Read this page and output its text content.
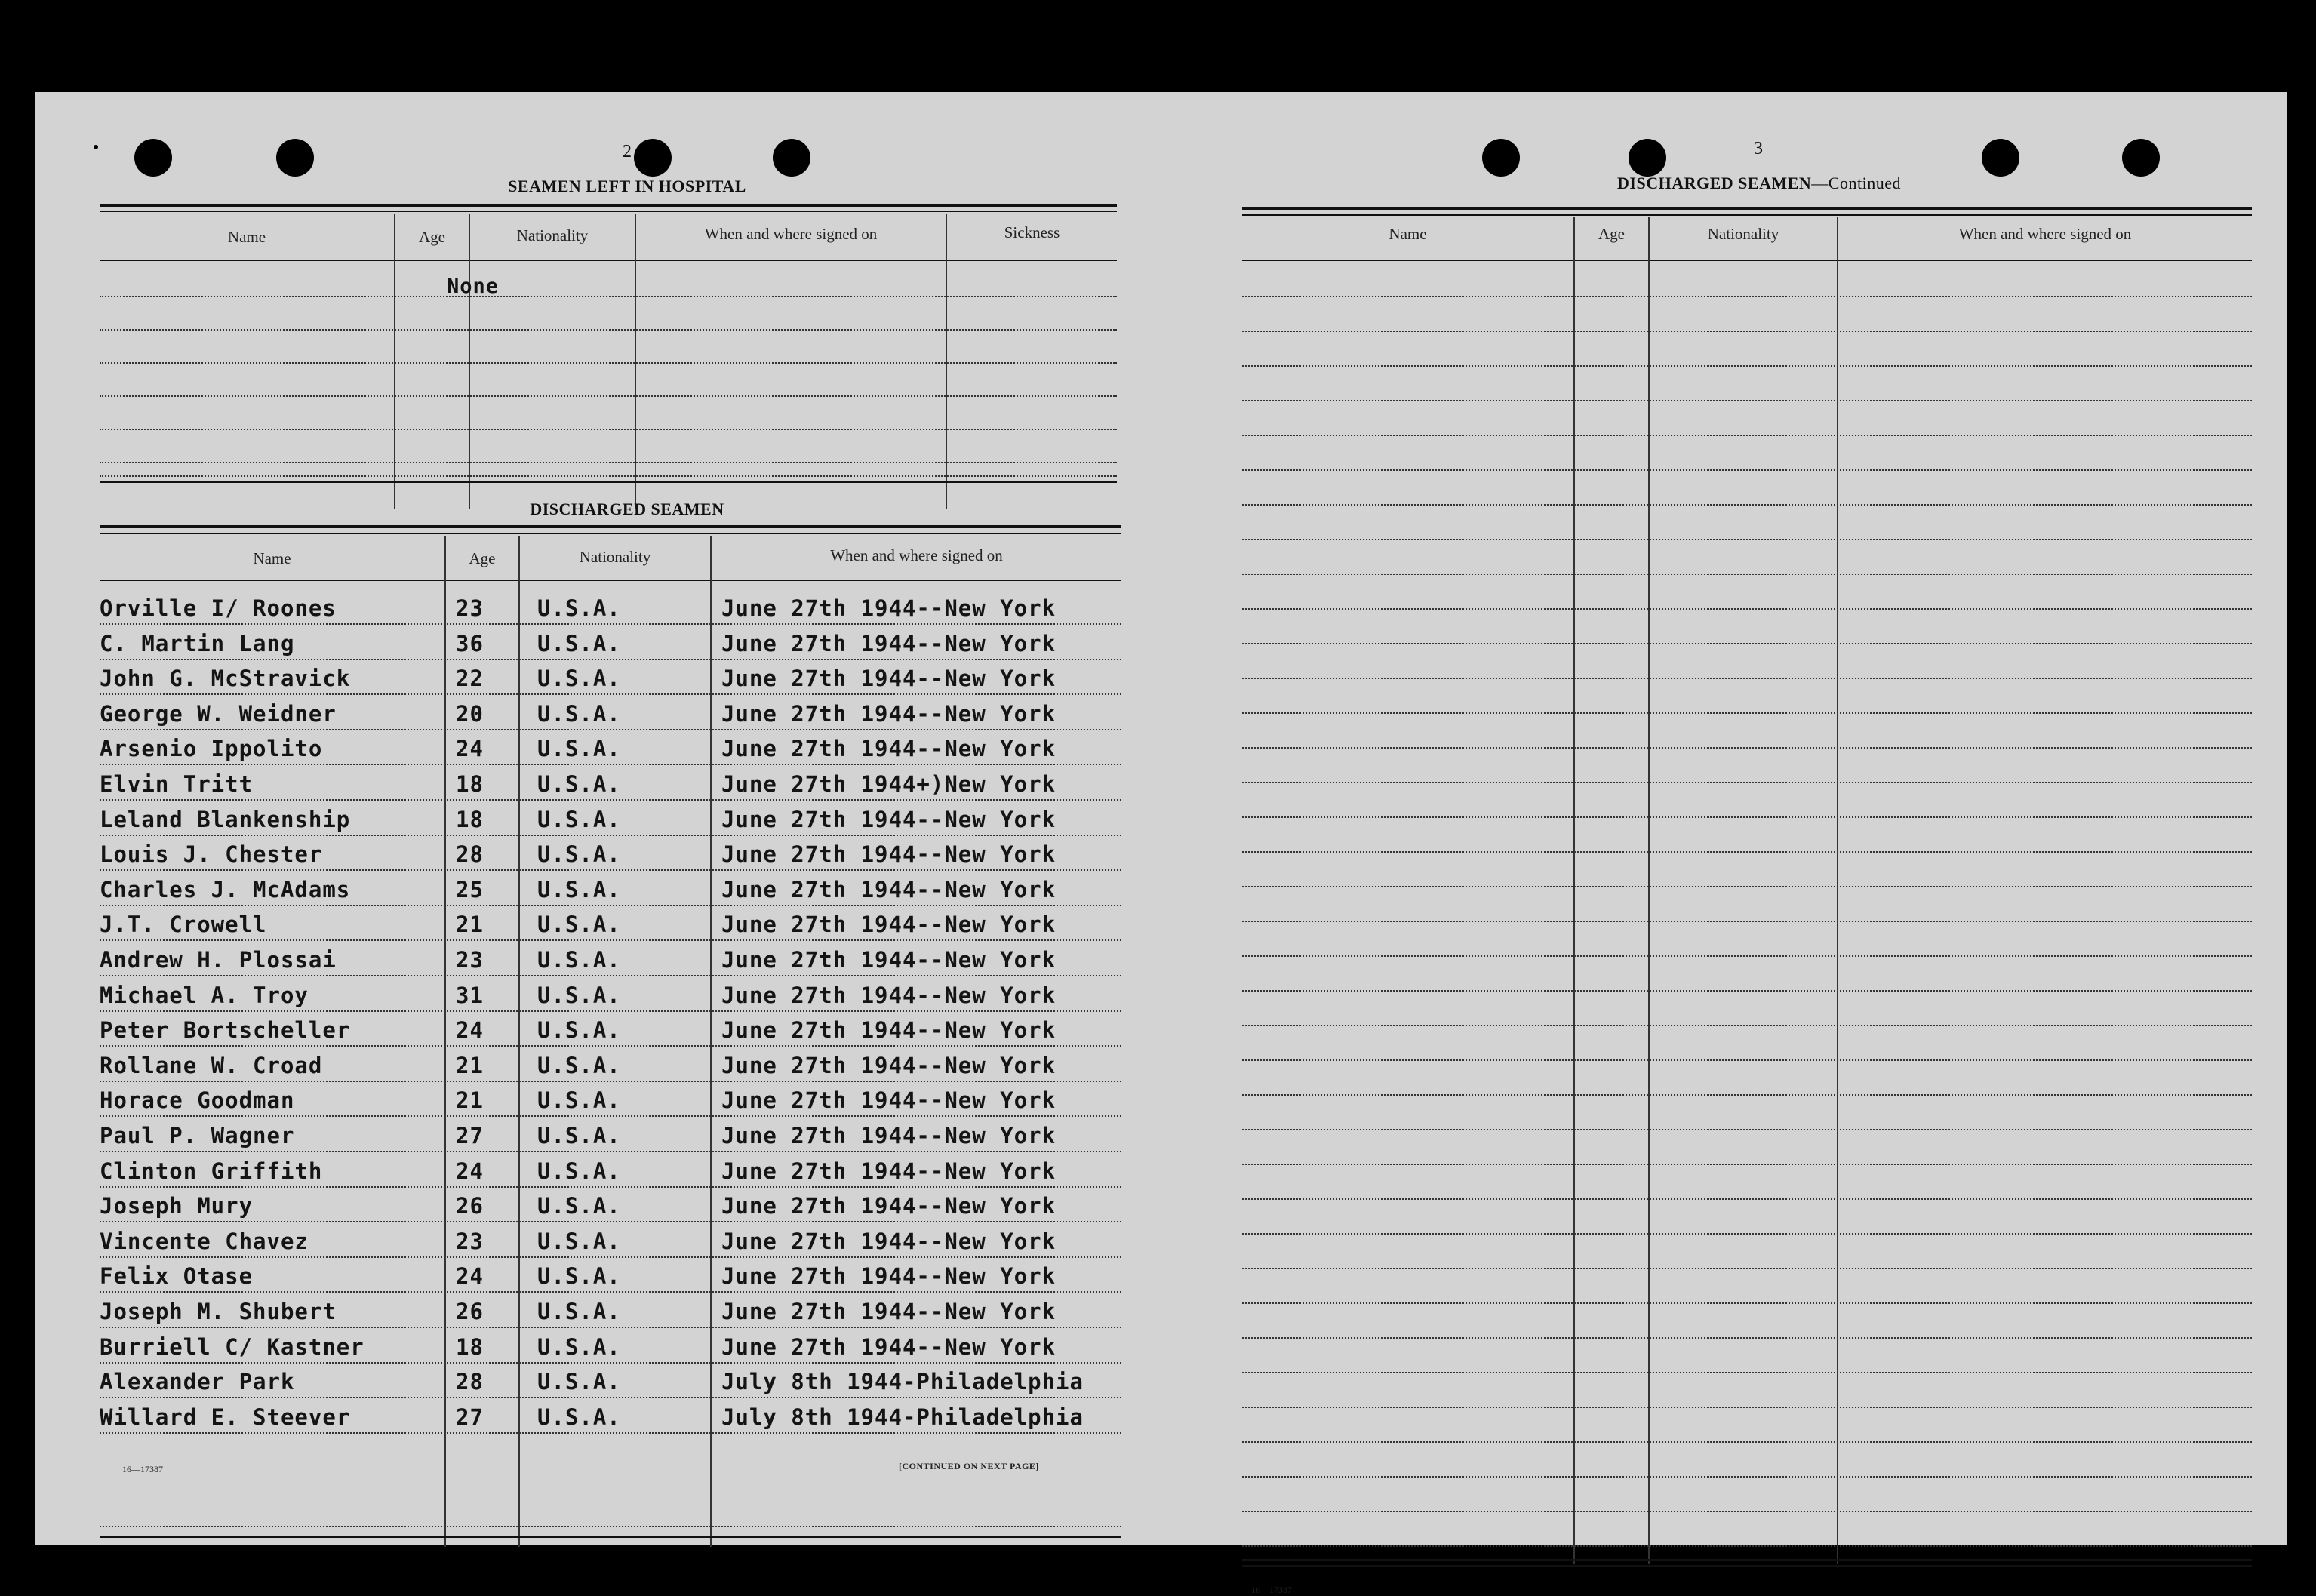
2
SEAMEN LEFT IN HOSPITAL
Name	Age	Nationality	When and where signed on	Sickness
None
DISCHARGED SEAMEN
Name	Age	Nationality	When and where signed on
Orville I/ Roones	23 U.S.A.	June 27th 1944--New York
C. Martin Lang	36 U.S.A.	June 27th 1944--New York
John G. McStravick	22 U.S.A.	June 27th 1944--New York
George W. Weidner	20 U.S.A.	June 27th 1944--New York
Arsenio Ippolito	24 U.S.A.	June 27th 1944--New York
Elvin Tritt	18 U.S.A.	June 27th 1944+)New York
Leland Blankenship	18 U.S.A.	June 27th 1944--New York
Louis J. Chester	28 U.S.A.	June 27th 1944--New York
Charles J. McAdams	25 U.S.A.	June 27th 1944--New York
J.T. Crowell	21 U.S.A.	June 27th 1944--New York
Andrew H. Plossai	23 U.S.A.	June 27th 1944--New York
Michael A. Troy	31 U.S.A.	June 27th 1944--New York
Peter Bortscheller	24 U.S.A.	June 27th 1944--New York
Rollane W. Croad	21 U.S.A.	June 27th 1944--New York
Horace Goodman	21 U.S.A.	June 27th 1944--New York
Paul P. Wagner	27 U.S.A.	June 27th 1944--New York
Clinton Griffith	24 U.S.A.	June 27th 1944--New York
Joseph Mury	26 U.S.A.	June 27th 1944--New York
Vincente Chavez	23 U.S.A.	June 27th 1944--New York
Felix Otase	24 U.S.A.	June 27th 1944--New York
Joseph M. Shubert	26 U.S.A.	June 27th 1944--New York
Burriell C/ Kastner	18 U.S.A.	June 27th 1944--New York
Alexander Park	28 U.S.A.	July 8th 1944-Philadelphia
Willard E. Steever	27 U.S.A.	July 8th 1944-Philadelphia
16—17387	[CONTINUED ON NEXT PAGE]
3
DISCHARGED SEAMEN—Continued
Name	Age	Nationality	When and where signed on
16—17387
